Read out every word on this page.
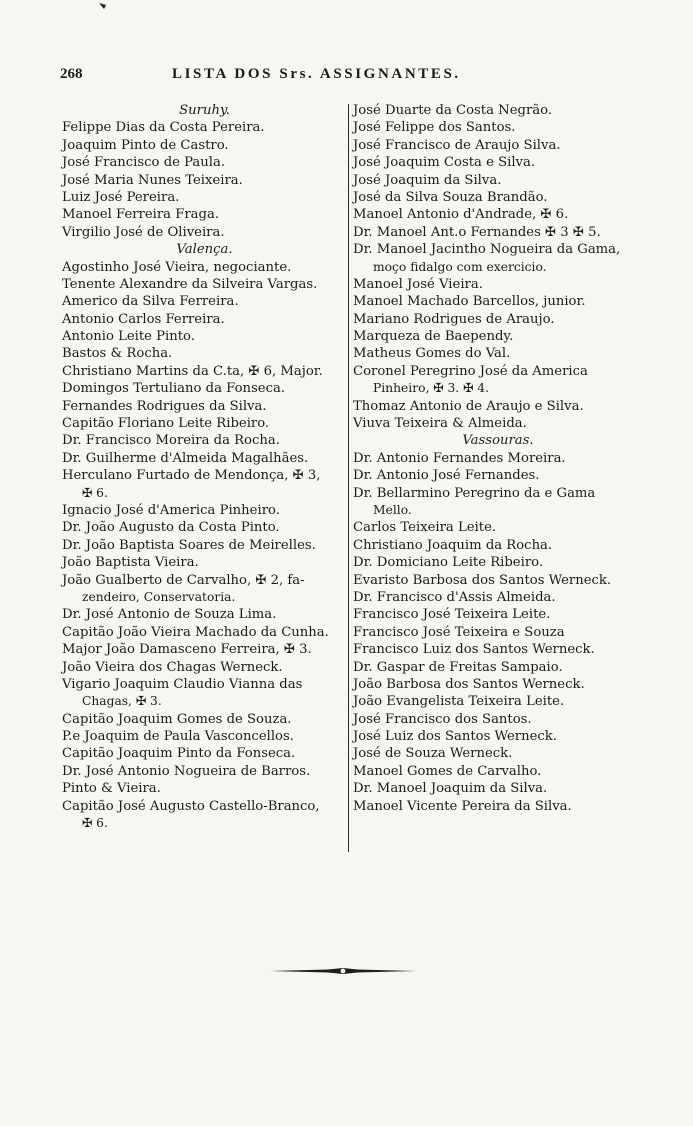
268	LISTA DOS Srs. ASSIGNANTES.
Suruhy.
Felippe Dias da Costa Pereira.
Joaquim Pinto de Castro.
José Francisco de Paula.
José Maria Nunes Teixeira.
Luiz José Pereira.
Manoel Ferreira Fraga.
Virgilio José de Oliveira.
Valença.
Agostinho José Vieira, negociante.
Tenente Alexandre da Silveira Vargas.
Americo da Silva Ferreira.
Antonio Carlos Ferreira.
Antonio Leite Pinto.
Bastos & Rocha.
Christiano Martins da C.ta, ✠ 6, Major.
Domingos Tertuliano da Fonseca.
Fernandes Rodrigues da Silva.
Capitão Floriano Leite Ribeiro.
Dr. Francisco Moreira da Rocha.
Dr. Guilherme d'Almeida Magalhães.
Herculano Furtado de Mendonça, ✠ 3,
✠ 6.
Ignacio José d'America Pinheiro.
Dr. João Augusto da Costa Pinto.
Dr. João Baptista Soares de Meirelles.
João Baptista Vieira.
João Gualberto de Carvalho, ✠ 2, fa-
zendeiro, Conservatoria.
Dr. José Antonio de Souza Lima.
Capitão João Vieira Machado da Cunha.
Major João Damasceno Ferreira, ✠ 3.
João Vieira dos Chagas Werneck.
Vigario Joaquim Claudio Vianna das
Chagas, ✠ 3.
Capitão Joaquim Gomes de Souza.
P.e Joaquim de Paula Vasconcellos.
Capitão Joaquim Pinto da Fonseca.
Dr. José Antonio Nogueira de Barros.
Pinto & Vieira.
Capitão José Augusto Castello-Branco,
✠ 6.
José Duarte da Costa Negrão.
José Felippe dos Santos.
José Francisco de Araujo Silva.
José Joaquim Costa e Silva.
José Joaquim da Silva.
José da Silva Souza Brandão.
Manoel Antonio d'Andrade, ✠ 6.
Dr. Manoel Ant.o Fernandes ✠ 3 ✠ 5.
Dr. Manoel Jacintho Nogueira da Gama,
moço fidalgo com exercicio.
Manoel José Vieira.
Manoel Machado Barcellos, junior.
Mariano Rodrigues de Araujo.
Marqueza de Baependy.
Matheus Gomes do Val.
Coronel Peregrino José da America
Pinheiro, ✠ 3. ✠ 4.
Thomaz Antonio de Araujo e Silva.
Viuva Teixeira & Almeida.
Vassouras.
Dr. Antonio Fernandes Moreira.
Dr. Antonio José Fernandes.
Dr. Bellarmino Peregrino da e Gama
Mello.
Carlos Teixeira Leite.
Christiano Joaquim da Rocha.
Dr. Domiciano Leite Ribeiro.
Evaristo Barbosa dos Santos Werneck.
Dr. Francisco d'Assis Almeida.
Francisco José Teixeira Leite.
Francisco José Teixeira e Souza
Francisco Luiz dos Santos Werneck.
Dr. Gaspar de Freitas Sampaio.
João Barbosa dos Santos Werneck.
João Evangelista Teixeira Leite.
José Francisco dos Santos.
José Luiz dos Santos Werneck.
José de Souza Werneck.
Manoel Gomes de Carvalho.
Dr. Manoel Joaquim da Silva.
Manoel Vicente Pereira da Silva.
